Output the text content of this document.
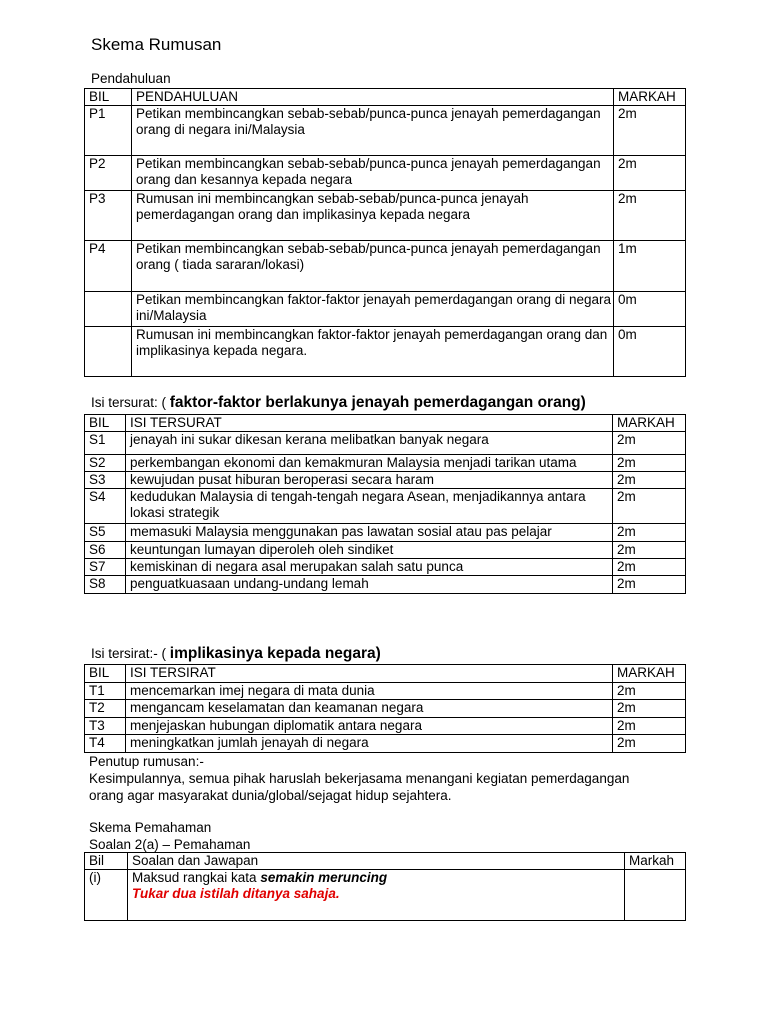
Skema Rumusan
Pendahuluan
BIL	PENDAHULUAN	MARKAH
P1	Petikan membincangkan sebab-sebab/punca-punca jenayah pemerdagangan orang di negara ini/Malaysia	2m
P2	Petikan membincangkan sebab-sebab/punca-punca jenayah pemerdagangan orang dan kesannya kepada negara	2m
P3	Rumusan ini membincangkan sebab-sebab/punca-punca jenayah pemerdagangan orang dan implikasinya kepada negara	2m
P4	Petikan membincangkan sebab-sebab/punca-punca jenayah pemerdagangan orang ( tiada sararan/lokasi)	1m
	Petikan membincangkan faktor-faktor jenayah pemerdagangan orang di negara ini/Malaysia	0m
	Rumusan ini membincangkan faktor-faktor jenayah pemerdagangan orang dan implikasinya kepada negara.	0m
Isi tersurat: ( faktor-faktor berlakunya jenayah pemerdagangan orang)
BIL	ISI TERSURAT	MARKAH
S1	jenayah ini sukar dikesan kerana melibatkan banyak negara	2m
S2	perkembangan ekonomi dan kemakmuran Malaysia menjadi tarikan utama	2m
S3	kewujudan pusat hiburan beroperasi secara haram	2m
S4	kedudukan Malaysia di tengah-tengah negara Asean, menjadikannya antara lokasi strategik	2m
S5	memasuki Malaysia menggunakan pas lawatan sosial atau pas pelajar	2m
S6	keuntungan lumayan diperoleh oleh sindiket	2m
S7	kemiskinan di negara asal merupakan salah satu punca	2m
S8	penguatkuasaan undang-undang lemah	2m
Isi tersirat:- ( implikasinya kepada negara)
BIL	ISI TERSIRAT	MARKAH
T1	mencemarkan imej negara di mata dunia	2m
T2	mengancam keselamatan dan keamanan negara	2m
T3	menjejaskan hubungan diplomatik antara negara	2m
T4	meningkatkan jumlah jenayah di negara	2m
Penutup rumusan:-
Kesimpulannya, semua pihak haruslah bekerjasama menangani kegiatan pemerdagangan
orang agar masyarakat dunia/global/sejagat hidup sejahtera.
Skema Pemahaman
Soalan 2(a) – Pemahaman
Bil	Soalan dan Jawapan	Markah
(i)	Maksud rangkai kata semakin meruncing
Tukar dua istilah ditanya sahaja.	
